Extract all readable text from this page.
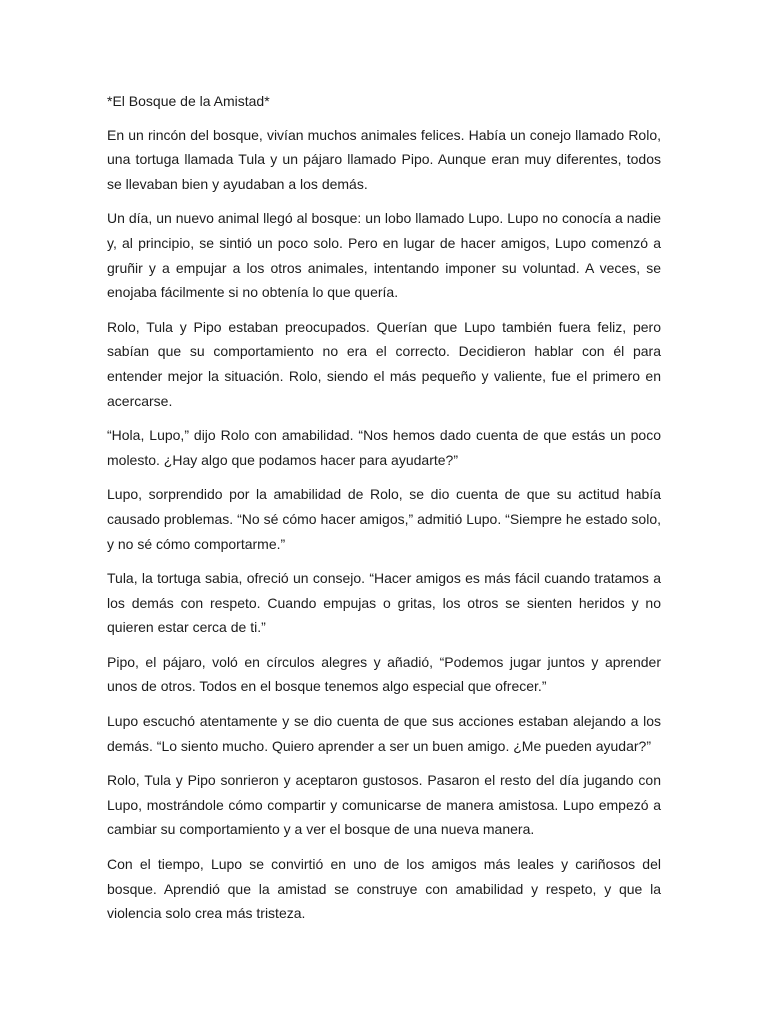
*El Bosque de la Amistad*

En un rincón del bosque, vivían muchos animales felices. Había un conejo llamado Rolo, una tortuga llamada Tula y un pájaro llamado Pipo. Aunque eran muy diferentes, todos se llevaban bien y ayudaban a los demás.

Un día, un nuevo animal llegó al bosque: un lobo llamado Lupo. Lupo no conocía a nadie y, al principio, se sintió un poco solo. Pero en lugar de hacer amigos, Lupo comenzó a gruñir y a empujar a los otros animales, intentando imponer su voluntad. A veces, se enojaba fácilmente si no obtenía lo que quería.

Rolo, Tula y Pipo estaban preocupados. Querían que Lupo también fuera feliz, pero sabían que su comportamiento no era el correcto. Decidieron hablar con él para entender mejor la situación. Rolo, siendo el más pequeño y valiente, fue el primero en acercarse.

“Hola, Lupo,” dijo Rolo con amabilidad. “Nos hemos dado cuenta de que estás un poco molesto. ¿Hay algo que podamos hacer para ayudarte?”

Lupo, sorprendido por la amabilidad de Rolo, se dio cuenta de que su actitud había causado problemas. “No sé cómo hacer amigos,” admitió Lupo. “Siempre he estado solo, y no sé cómo comportarme.”

Tula, la tortuga sabia, ofreció un consejo. “Hacer amigos es más fácil cuando tratamos a los demás con respeto. Cuando empujas o gritas, los otros se sienten heridos y no quieren estar cerca de ti.”

Pipo, el pájaro, voló en círculos alegres y añadió, “Podemos jugar juntos y aprender unos de otros. Todos en el bosque tenemos algo especial que ofrecer.”

Lupo escuchó atentamente y se dio cuenta de que sus acciones estaban alejando a los demás. “Lo siento mucho. Quiero aprender a ser un buen amigo. ¿Me pueden ayudar?”

Rolo, Tula y Pipo sonrieron y aceptaron gustosos. Pasaron el resto del día jugando con Lupo, mostrándole cómo compartir y comunicarse de manera amistosa. Lupo empezó a cambiar su comportamiento y a ver el bosque de una nueva manera.

Con el tiempo, Lupo se convirtió en uno de los amigos más leales y cariñosos del bosque. Aprendió que la amistad se construye con amabilidad y respeto, y que la violencia solo crea más tristeza.
